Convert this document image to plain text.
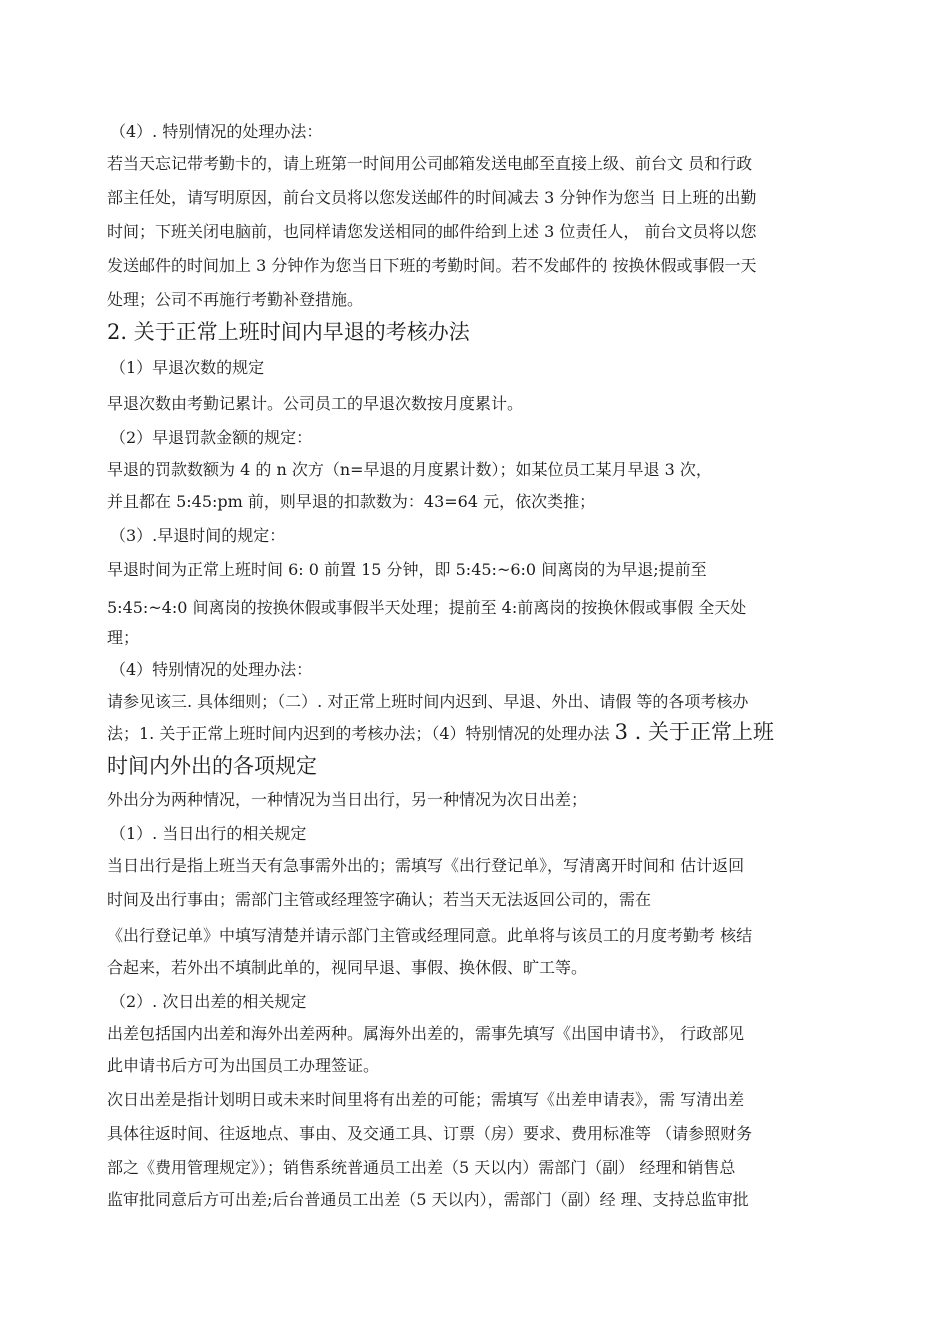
（4）. 特别情况的处理办法：
若当天忘记带考勤卡的，请上班第一时间用公司邮箱发送电邮至直接上级、前台文 员和行政
部主任处，请写明原因，前台文员将以您发送邮件的时间减去 3 分钟作为您当 日上班的出勤
时间；下班关闭电脑前，也同样请您发送相同的邮件给到上述 3 位责任人， 前台文员将以您
发送邮件的时间加上 3 分钟作为您当日下班的考勤时间。若不发邮件的 按换休假或事假一天
处理；公司不再施行考勤补登措施。
2. 关于正常上班时间内早退的考核办法
（1）早退次数的规定
早退次数由考勤记累计。公司员工的早退次数按月度累计。
（2）早退罚款金额的规定：
早退的罚款数额为 4 的 n 次方（n=早退的月度累计数）；如某位员工某月早退 3 次，
并且都在 5:45:pm 前，则早退的扣款数为：43=64 元，依次类推；
（3）.早退时间的规定：
早退时间为正常上班时间 6: 0 前置 15 分钟，即 5:45:~6:0 间离岗的为早退;提前至
5:45:~4:0 间离岗的按换休假或事假半天处理；提前至 4:前离岗的按换休假或事假 全天处
理；
（4）特别情况的处理办法：
请参见该三. 具体细则；（二）. 对正常上班时间内迟到、早退、外出、请假 等的各项考核办
法；1. 关于正常上班时间内迟到的考核办法；（4）特别情况的处理办法 3 . 关于正常上班
时间内外出的各项规定
外出分为两种情况，一种情况为当日出行，另一种情况为次日出差；
（1）. 当日出行的相关规定
当日出行是指上班当天有急事需外出的；需填写《出行登记单》，写清离开时间和 估计返回
时间及出行事由；需部门主管或经理签字确认；若当天无法返回公司的，需在
《出行登记单》中填写清楚并请示部门主管或经理同意。此单将与该员工的月度考勤考 核结
合起来，若外出不填制此单的，视同早退、事假、换休假、旷工等。
（2）. 次日出差的相关规定
出差包括国内出差和海外出差两种。属海外出差的，需事先填写《出国申请书》， 行政部见
此申请书后方可为出国员工办理签证。
次日出差是指计划明日或未来时间里将有出差的可能；需填写《出差申请表》，需 写清出差
具体往返时间、往返地点、事由、及交通工具、订票（房）要求、费用标准等 （请参照财务
部之《费用管理规定》）；销售系统普通员工出差（5 天以内）需部门（副） 经理和销售总
监审批同意后方可出差;后台普通员工出差（5 天以内），需部门（副）经 理、支持总监审批
